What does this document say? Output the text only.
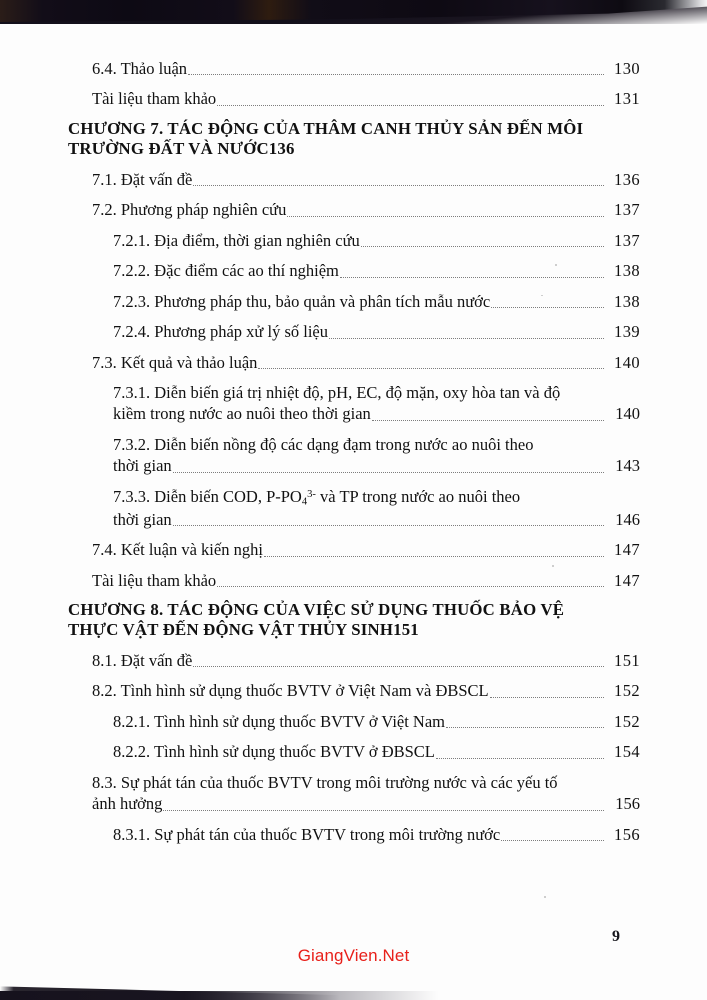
6.4. Thảo luận	130
Tài liệu tham khảo	131
CHƯƠNG 7. TÁC ĐỘNG CỦA THÂM CANH THỦY SẢN ĐẾN MÔI
TRƯỜNG ĐẤT VÀ NƯỚC 136
7.1. Đặt vấn đề	136
7.2. Phương pháp nghiên cứu	137
7.2.1. Địa điểm, thời gian nghiên cứu	137
7.2.2. Đặc điểm các ao thí nghiệm	138
7.2.3. Phương pháp thu, bảo quản và phân tích mẫu nước	138
7.2.4. Phương pháp xử lý số liệu	139
7.3. Kết quả và thảo luận	140
7.3.1. Diễn biến giá trị nhiệt độ, pH, EC, độ mặn, oxy hòa tan và độ
kiềm trong nước ao nuôi theo thời gian	140
7.3.2. Diễn biến nồng độ các dạng đạm trong nước ao nuôi theo
thời gian	143
7.3.3. Diễn biến COD, $P-PO_4^{3-}$ và TP trong nước ao nuôi theo
thời gian	146
7.4. Kết luận và kiến nghị	147
Tài liệu tham khảo	147
CHƯƠNG 8. TÁC ĐỘNG CỦA VIỆC SỬ DỤNG THUỐC BẢO VỆ
THỰC VẬT ĐẾN ĐỘNG VẬT THỦY SINH 151
8.1. Đặt vấn đề	151
8.2. Tình hình sử dụng thuốc BVTV ở Việt Nam và ĐBSCL	152
8.2.1. Tình hình sử dụng thuốc BVTV ở Việt Nam	152
8.2.2. Tình hình sử dụng thuốc BVTV ở ĐBSCL	154
8.3. Sự phát tán của thuốc BVTV trong môi trường nước và các yếu tố
ảnh hưởng	156
8.3.1. Sự phát tán của thuốc BVTV trong môi trường nước	156
9
GiangVien.Net
